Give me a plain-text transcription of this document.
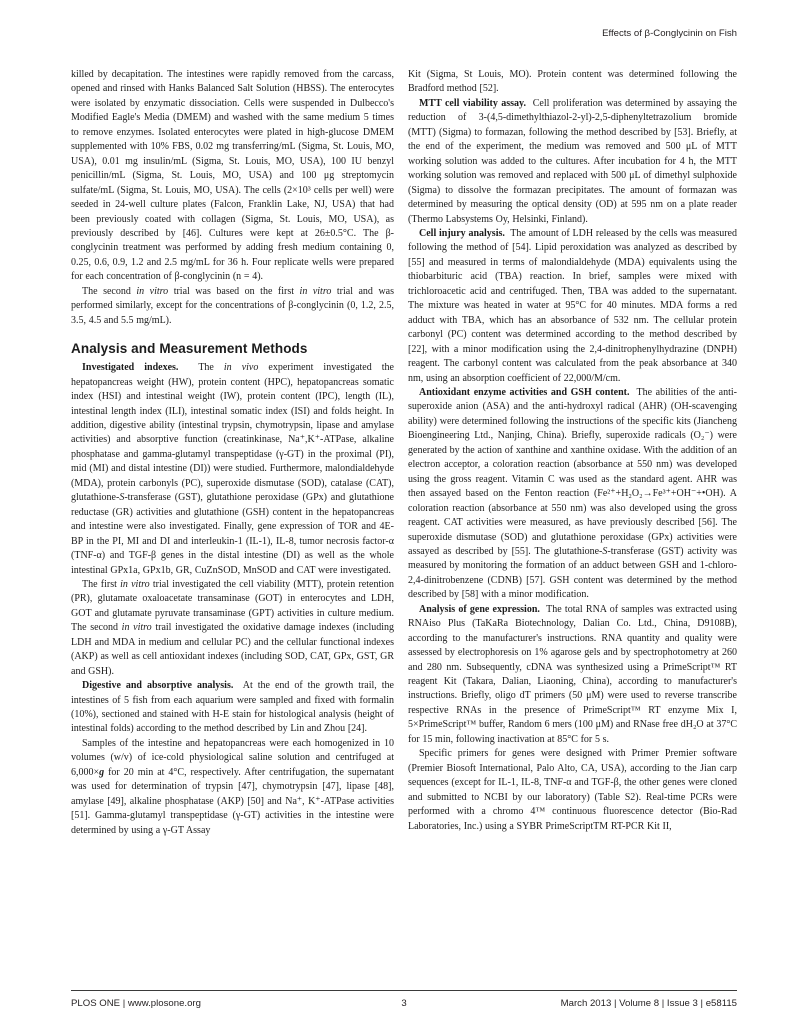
Effects of β-Conglycinin on Fish

killed by decapitation. The intestines were rapidly removed from the carcass, opened and rinsed with Hanks Balanced Salt Solution (HBSS). The enterocytes were isolated by enzymatic dissociation. Cells were suspended in Dulbecco's Modified Eagle's Media (DMEM) and washed with the same medium 5 times to remove enzymes. Isolated enterocytes were plated in high-glucose DMEM supplemented with 10% FBS, 0.02 mg transferring/mL (Sigma, St. Louis, MO, USA), 0.01 mg insulin/mL (Sigma, St. Louis, MO, USA), 100 IU benzyl penicillin/mL (Sigma, St. Louis, MO, USA) and 100 μg streptomycin sulfate/mL (Sigma, St. Louis, MO, USA). The cells (2×10³ cells per well) were seeded in 24-well culture plates (Falcon, Franklin Lake, NJ, USA) that had been previously coated with collagen (Sigma, St. Louis, MO, USA), as previously described by [46]. Cultures were kept at 26±0.5°C. The β-conglycinin treatment was performed by adding fresh medium containing 0, 0.25, 0.6, 0.9, 1.2 and 2.5 mg/mL for 36 h. Four replicate wells were prepared for each concentration of β-conglycinin (n = 4).

The second in vitro trial was based on the first in vitro trial and was performed similarly, except for the concentrations of β-conglycinin (0, 1.2, 2.5, 3.5, 4.5 and 5.5 mg/mL).

Analysis and Measurement Methods

Investigated indexes.  The in vivo experiment investigated the hepatopancreas weight (HW), protein content (HPC), hepatopancreas somatic index (HSI) and intestinal weight (IW), protein content (IPC), length (IL), intestinal length index (ILI), intestinal somatic index (ISI) and folds height. In addition, digestive ability (intestinal trypsin, chymotrypsin, lipase and amylase activities) and absorptive function (creatinkinase, Na⁺,K⁺-ATPase, alkaline phosphatase and gamma-glutamyl transpeptidase (γ-GT) in the proximal (PI), mid (MI) and distal intestine (DI)) were studied. Furthermore, malondialdehyde (MDA), protein carbonyls (PC), superoxide dismutase (SOD), catalase (CAT), glutathione-S-transferase (GST), glutathione peroxidase (GPx) and glutathione reductase (GR) activities and glutathione (GSH) content in the hepatopancreas and intestine were also investigated. Finally, gene expression of TOR and 4E-BP in the PI, MI and DI and interleukin-1 (IL-1), IL-8, tumor necrosis factor-α (TNF-α) and TGF-β genes in the distal intestine (DI) as well as the whole intestinal GPx1a, GPx1b, GR, CuZnSOD, MnSOD and CAT were investigated.

The first in vitro trial investigated the cell viability (MTT), protein retention (PR), glutamate oxaloacetate transaminase (GOT) in enterocytes and LDH, GOT and glutamate pyruvate transaminase (GPT) activities in culture medium. The second in vitro trail investigated the oxidative damage indexes (including LDH and MDA in medium and cellular PC) and the cellular functional indexes (AKP) as well as cell antioxidant indexes (including SOD, CAT, GPx, GST, GR and GSH).

Digestive and absorptive analysis.  At the end of the growth trail, the intestines of 5 fish from each aquarium were sampled and fixed with formalin (10%), sectioned and stained with H-E stain for histological analysis (height of intestinal folds) according to the method described by Lin and Zhou [24].

Samples of the intestine and hepatopancreas were each homogenized in 10 volumes (w/v) of ice-cold physiological saline solution and centrifuged at 6,000×g for 20 min at 4°C, respectively. After centrifugation, the supernatant was used for determination of trypsin [47], chymotrypsin [47], lipase [48], amylase [49], alkaline phosphatase (AKP) [50] and Na⁺, K⁺-ATPase activities [51]. Gamma-glutamyl transpeptidase (γ-GT) activities in the intestine were determined by using a γ-GT Assay

Kit (Sigma, St Louis, MO). Protein content was determined following the Bradford method [52].

MTT cell viability assay.  Cell proliferation was determined by assaying the reduction of 3-(4,5-dimethylthiazol-2-yl)-2,5-diphenyltetrazolium bromide (MTT) (Sigma) to formazan, following the method described by [53]. Briefly, at the end of the experiment, the medium was removed and 500 μL of MTT working solution was added to the cultures. After incubation for 4 h, the MTT working solution was removed and replaced with 500 μL of dimethyl sulphoxide (Sigma) to dissolve the formazan precipitates. The amount of formazan was determined by measuring the optical density (OD) at 595 nm on a plate reader (Thermo Labsystems Oy, Helsinki, Finland).

Cell injury analysis.  The amount of LDH released by the cells was measured following the method of [54]. Lipid peroxidation was analyzed as described by [55] and measured in terms of malondialdehyde (MDA) equivalents using the thiobarbituric acid (TBA) reaction. In brief, samples were mixed with trichloroacetic acid and centrifuged. Then, TBA was added to the supernatant. The mixture was heated in water at 95°C for 40 minutes. MDA forms a red adduct with TBA, which has an absorbance of 532 nm. The cellular protein carbonyl (PC) content was determined according to the method described by [22], with a minor modification using the 2,4-dinitrophenylhydrazine (DNPH) reagent. The carbonyl content was calculated from the peak absorbance at 340 nm, using an absorption coefficient of 22,000/M/cm.

Antioxidant enzyme activities and GSH content.  The abilities of the anti-superoxide anion (ASA) and the anti-hydroxyl radical (AHR) (OH-scavenging ability) were determined following the instructions of the specific kits (Jiancheng Bioengineering Ltd., Nanjing, China). Briefly, superoxide radicals (O₂⁻) were generated by the action of xanthine and xanthine oxidase. With the addition of an electron acceptor, a coloration reaction (absorbance at 550 nm) was developed using the gross reagent. Vitamin C was used as the standard agent. AHR was then assayed based on the Fenton reaction (Fe²⁺+H₂O₂→Fe³⁺+OH⁻+•OH). A coloration reaction (absorbance at 550 nm) was also developed using the gross reagent. CAT activities were measured, as have previously described [56]. The superoxide dismutase (SOD) and glutathione peroxidase (GPx) activities were assayed as described by [55]. The glutathione-S-transferase (GST) activity was measured by monitoring the formation of an adduct between GSH and 1-chloro-2,4-dinitrobenzene (CDNB) [57]. GSH content was determined by the method described by [58] with a minor modification.

Analysis of gene expression.  The total RNA of samples was extracted using RNAiso Plus (TaKaRa Biotechnology, Dalian Co. Ltd., China, D9108B), according to the manufacturer's instructions. RNA quantity and quality were assessed by electrophoresis on 1% agarose gels and by spectrophotometry at 260 and 280 nm. Subsequently, cDNA was synthesized using a PrimeScript™ RT reagent Kit (Takara, Dalian, Liaoning, China), according to manufacturer's instructions. Briefly, oligo dT primers (50 μM) were used to reverse transcribe respective RNAs in the presence of PrimeScript™ RT enzyme Mix I, 5×PrimeScript™ buffer, Random 6 mers (100 μM) and RNase free dH₂O at 37°C for 15 min, following inactivation at 85°C for 5 s.

Specific primers for genes were designed with Primer Premier software (Premier Biosoft International, Palo Alto, CA, USA), according to the Jian carp sequences (except for IL-1, IL-8, TNF-α and TGF-β, the other genes were cloned and submitted to NCBI by our laboratory) (Table S2). Real-time PCRs were performed with a chromo 4™ continuous fluorescence detector (Bio-Rad Laboratories, Inc.) using a SYBR PrimeScriptTM RT-PCR Kit II,

PLOS ONE | www.plosone.org	3	March 2013 | Volume 8 | Issue 3 | e58115
